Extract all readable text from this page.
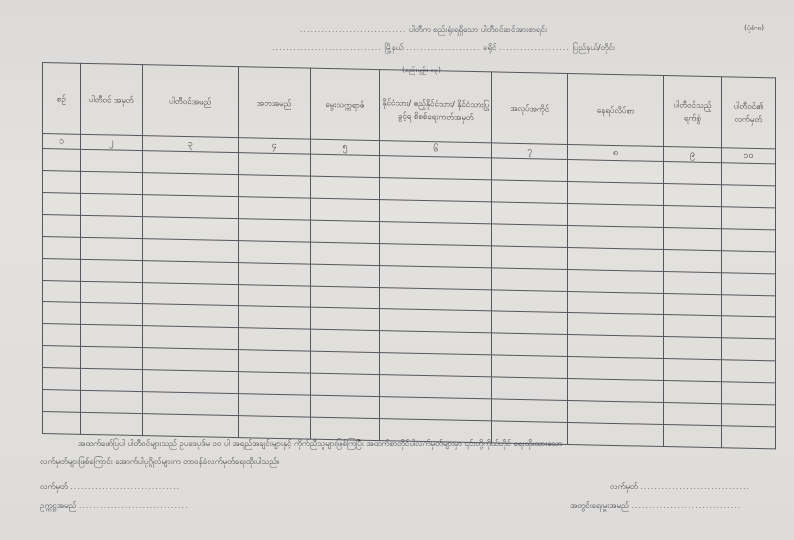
.............................. ပါတီက စည်းရုံးရရှိသော ပါတီဝင်ဆင်အားစာရင်း	(ပုံစံ-၈)
............................... မြို့နယ် ..................... ခရိုင် .................... ပြည်နယ်/တိုင်း
(စည်းမျဥ်း ၁၃)
စဉ်	ပါတီဝင် အမှတ်	ပါတီဝင်အမည်	အဘအမည်	မွေးသက္ကရာဇ်	နိုင်ငံသား/ ဧည့်နိုင်ငံသား/ နိုင်ငံသားပြုခွင့်ရ စိစစ်ရေးကတ်အမှတ်	အလုပ်အကိုင်	နေရပ်လိပ်စာ	ပါတီဝင်သည့် ရက်စွဲ	ပါတီဝင်၏ လက်မှတ်
၁	၂	၃	၄	၅	၆	၇	၈	၉	၁၀

အထက်ဖော်ပြပါ ပါတီဝင်များသည် ဥပဒေပုဒ်မ ၁၀ ပါ အရည်အချင်းများနှင့် ကိုက်ညီသူများဖြစ်ကြပြီး အထက်စာတိုင်ပါလက်မှတ်များမှာ ၎င်းတို့ကိုယ်တိုင် ရေးထိုးထားသော
လက်မှတ်များဖြစ်ကြောင်း အောက်ပါပုဂ္ဂိုလ်များက တာဝန်ခံလက်မှတ်ရေးထိုးပါသည်။
လက်မှတ် ...............................
ဥက္ကဋ္ဌအမည် ...............................
လက်မှတ် ...............................
အတွင်းရေးမှူးအမည် ...............................
